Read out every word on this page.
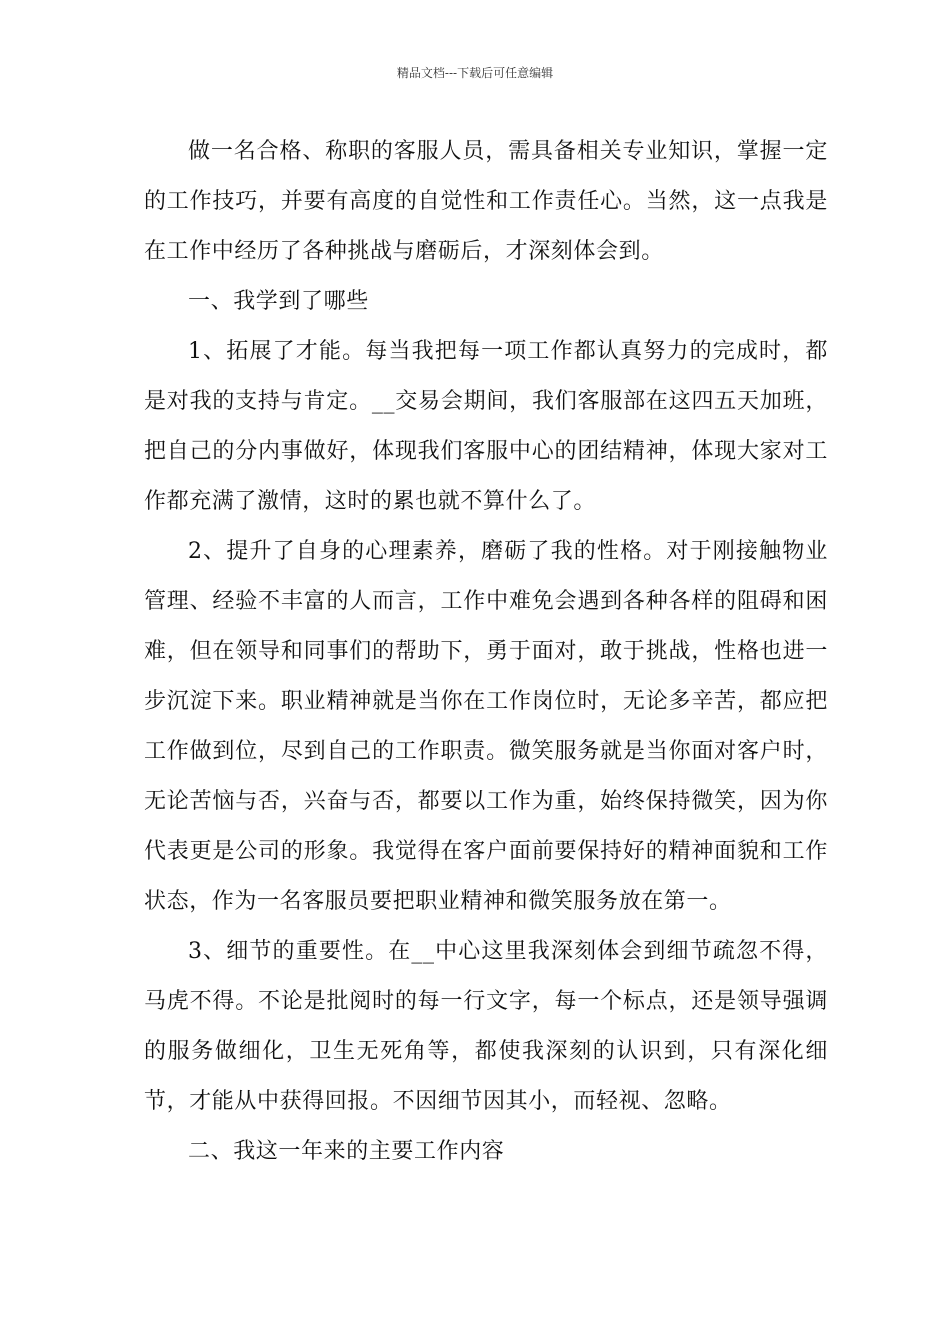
精品文档---下载后可任意编辑

做一名合格、称职的客服人员，需具备相关专业知识，掌握一定的工作技巧，并要有高度的自觉性和工作责任心。当然，这一点我是在工作中经历了各种挑战与磨砺后，才深刻体会到。

一、我学到了哪些

1、拓展了才能。每当我把每一项工作都认真努力的完成时，都是对我的支持与肯定。__交易会期间，我们客服部在这四五天加班，把自己的分内事做好，体现我们客服中心的团结精神，体现大家对工作都充满了激情，这时的累也就不算什么了。

2、提升了自身的心理素养，磨砺了我的性格。对于刚接触物业管理、经验不丰富的人而言，工作中难免会遇到各种各样的阻碍和困难，但在领导和同事们的帮助下，勇于面对，敢于挑战，性格也进一步沉淀下来。职业精神就是当你在工作岗位时，无论多辛苦，都应把工作做到位，尽到自己的工作职责。微笑服务就是当你面对客户时，无论苦恼与否，兴奋与否，都要以工作为重，始终保持微笑，因为你代表更是公司的形象。我觉得在客户面前要保持好的精神面貌和工作状态，作为一名客服员要把职业精神和微笑服务放在第一。

3、细节的重要性。在__中心这里我深刻体会到细节疏忽不得，马虎不得。不论是批阅时的每一行文字，每一个标点，还是领导强调的服务做细化，卫生无死角等，都使我深刻的认识到，只有深化细节，才能从中获得回报。不因细节因其小，而轻视、忽略。

二、我这一年来的主要工作内容
